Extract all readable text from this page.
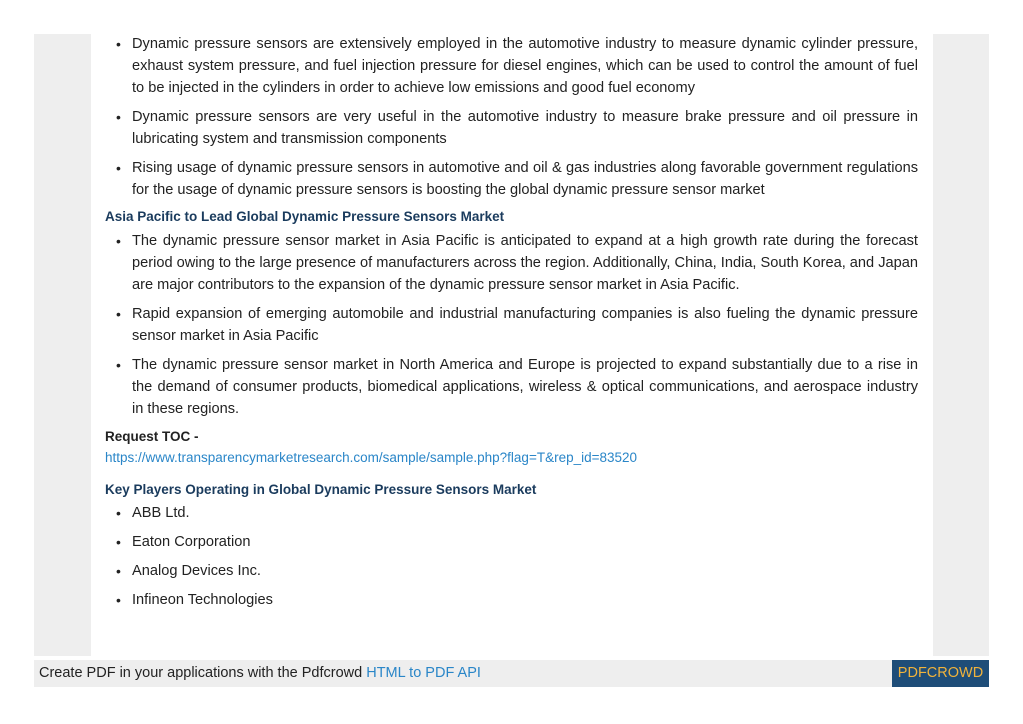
• Dynamic pressure sensors are extensively employed in the automotive industry to measure dynamic cylinder pressure, exhaust system pressure, and fuel injection pressure for diesel engines, which can be used to control the amount of fuel to be injected in the cylinders in order to achieve low emissions and good fuel economy
• Dynamic pressure sensors are very useful in the automotive industry to measure brake pressure and oil pressure in lubricating system and transmission components
• Rising usage of dynamic pressure sensors in automotive and oil & gas industries along favorable government regulations for the usage of dynamic pressure sensors is boosting the global dynamic pressure sensor market
Asia Pacific to Lead Global Dynamic Pressure Sensors Market
• The dynamic pressure sensor market in Asia Pacific is anticipated to expand at a high growth rate during the forecast period owing to the large presence of manufacturers across the region. Additionally, China, India, South Korea, and Japan are major contributors to the expansion of the dynamic pressure sensor market in Asia Pacific.
• Rapid expansion of emerging automobile and industrial manufacturing companies is also fueling the dynamic pressure sensor market in Asia Pacific
• The dynamic pressure sensor market in North America and Europe is projected to expand substantially due to a rise in the demand of consumer products, biomedical applications, wireless & optical communications, and aerospace industry in these regions.
Request TOC -
https://www.transparencymarketresearch.com/sample/sample.php?flag=T&rep_id=83520
Key Players Operating in Global Dynamic Pressure Sensors Market
• ABB Ltd.
• Eaton Corporation
• Analog Devices Inc.
• Infineon Technologies
Create PDF in your applications with the Pdfcrowd HTML to PDF API	PDFCROWD
